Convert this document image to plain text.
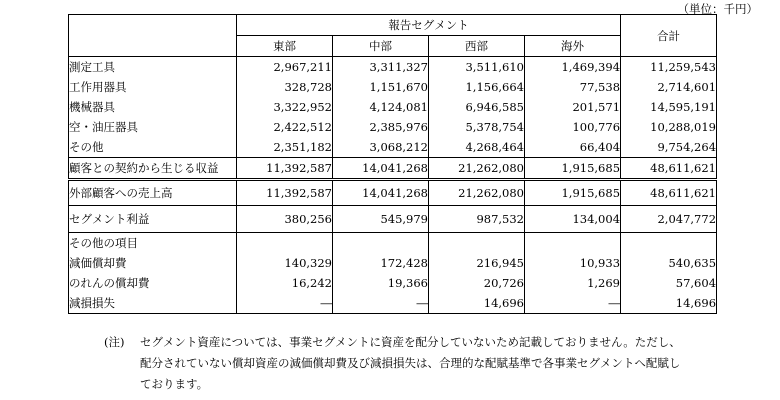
（単位：千円）
	報告セグメント				合計
	東部	中部	西部	海外	
測定工具	2,967,211	3,311,327	3,511,610	1,469,394	11,259,543
工作用器具	328,728	1,151,670	1,156,664	77,538	2,714,601
機械器具	3,322,952	4,124,081	6,946,585	201,571	14,595,191
空・油圧器具	2,422,512	2,385,976	5,378,754	100,776	10,288,019
その他	2,351,182	3,068,212	4,268,464	66,404	9,754,264
顧客との契約から生じる収益	11,392,587	14,041,268	21,262,080	1,915,685	48,611,621
外部顧客への売上高	11,392,587	14,041,268	21,262,080	1,915,685	48,611,621
セグメント利益	380,256	545,979	987,532	134,004	2,047,772
その他の項目					
減価償却費	140,329	172,428	216,945	10,933	540,635
のれんの償却費	16,242	19,366	20,726	1,269	57,604
減損損失	―	―	14,696	―	14,696
(注)	セグメント資産については、事業セグメントに資産を配分していないため記載しておりません。ただし、
配分されていない償却資産の減価償却費及び減損損失は、合理的な配賦基準で各事業セグメントへ配賦し
ております。
